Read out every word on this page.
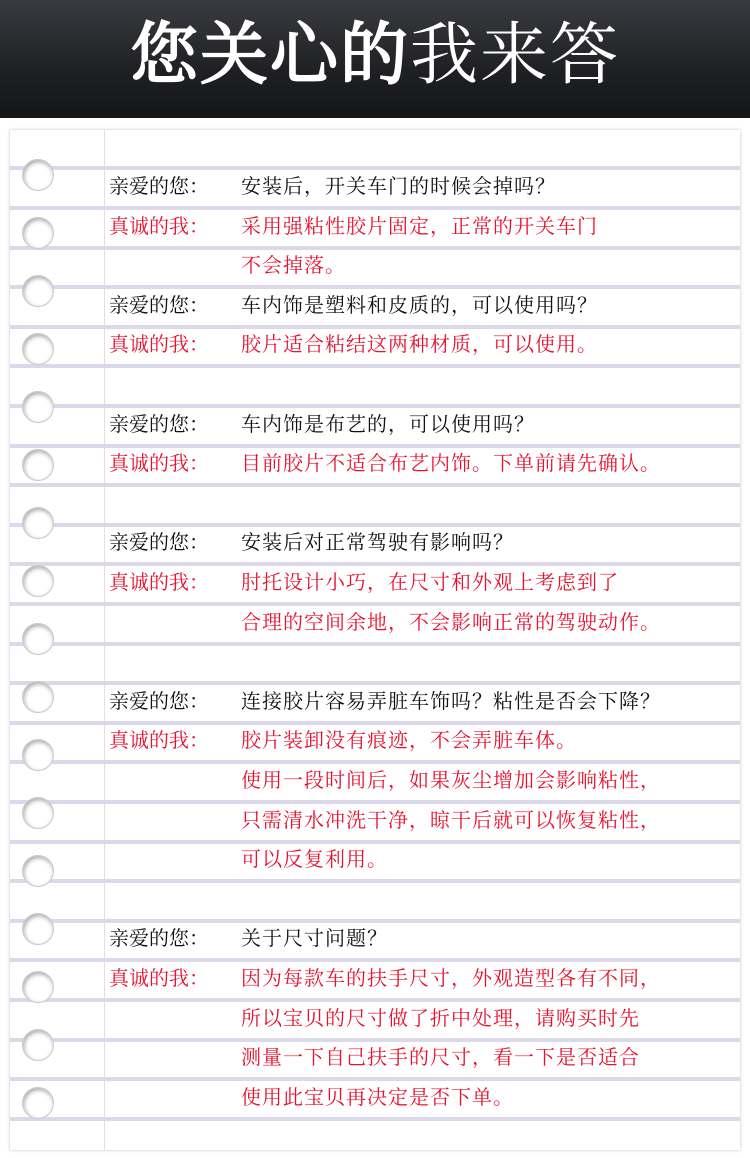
您关心的我来答
亲爱的您：	安装后，开关车门的时候会掉吗？
真诚的我：	采用强粘性胶片固定，正常的开关车门
不会掉落。
亲爱的您：	车内饰是塑料和皮质的，可以使用吗？
真诚的我：	胶片适合粘结这两种材质，可以使用。
亲爱的您：	车内饰是布艺的，可以使用吗？
真诚的我：	目前胶片不适合布艺内饰。下单前请先确认。
亲爱的您：	安装后对正常驾驶有影响吗？
真诚的我：	肘托设计小巧，在尺寸和外观上考虑到了
合理的空间余地，不会影响正常的驾驶动作。
亲爱的您：	连接胶片容易弄脏车饰吗？粘性是否会下降？
真诚的我：	胶片装卸没有痕迹，不会弄脏车体。
使用一段时间后，如果灰尘增加会影响粘性，
只需清水冲洗干净，晾干后就可以恢复粘性，
可以反复利用。
亲爱的您：	关于尺寸问题？
真诚的我：	因为每款车的扶手尺寸，外观造型各有不同，
所以宝贝的尺寸做了折中处理，请购买时先
测量一下自己扶手的尺寸，看一下是否适合
使用此宝贝再决定是否下单。
